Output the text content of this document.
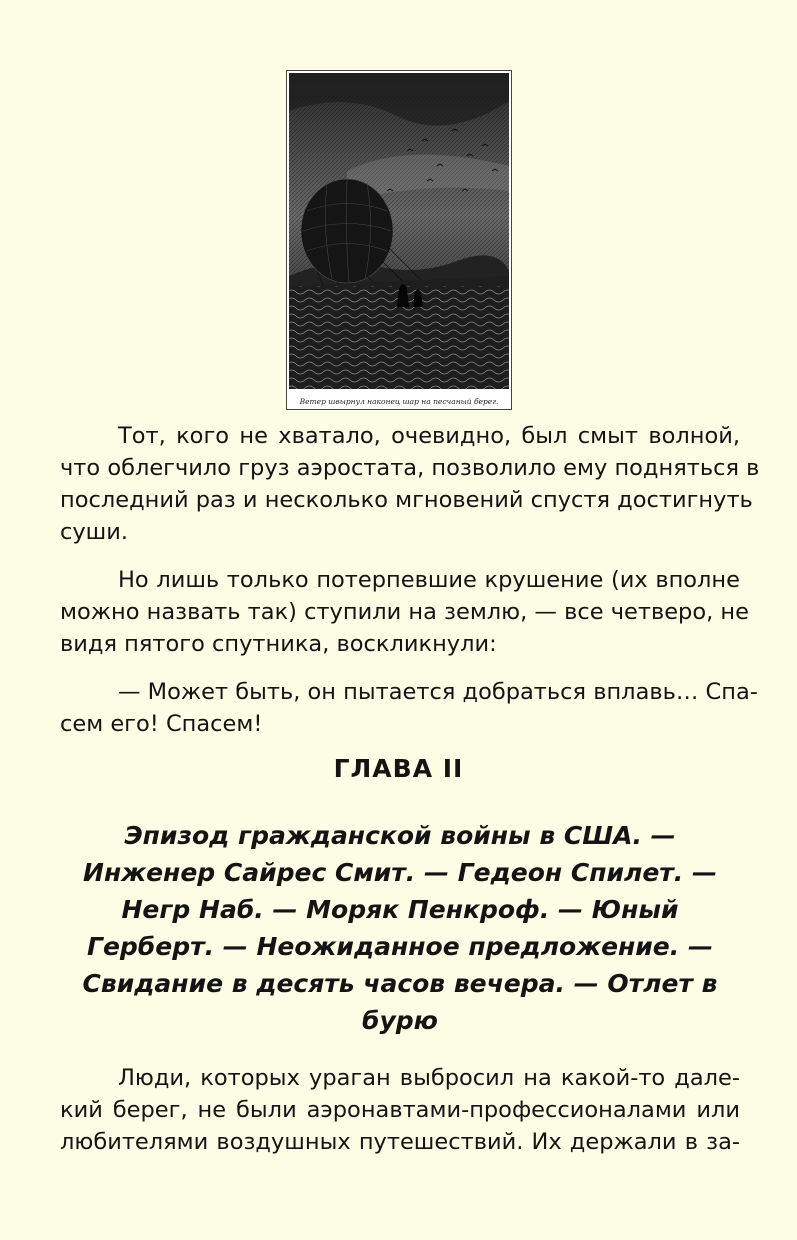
Ветер швырнул наконец шар на песчаный берег.

Тот, кого не хватало, очевидно, был смыт волной,
что облегчило груз аэростата, позволило ему подняться в
последний раз и несколько мгновений спустя достигнуть
суши.

Но лишь только потерпевшие крушение (их вполне
можно назвать так) ступили на землю, — все четверо, не
видя пятого спутника, воскликнули:

— Может быть, он пытается добраться вплавь… Спа-
сем его! Спасем!

ГЛАВА II

Эпизод гражданской войны в США. —
Инженер Сайрес Смит. — Гедеон Спилет. —
Негр Наб. — Моряк Пенкроф. — Юный
Герберт. — Неожиданное предложение. —
Свидание в десять часов вечера. — Отлет в
бурю

Люди, которых ураган выбросил на какой-то дале-
кий берег, не были аэронавтами-профессионалами или
любителями воздушных путешествий. Их держали в за-
